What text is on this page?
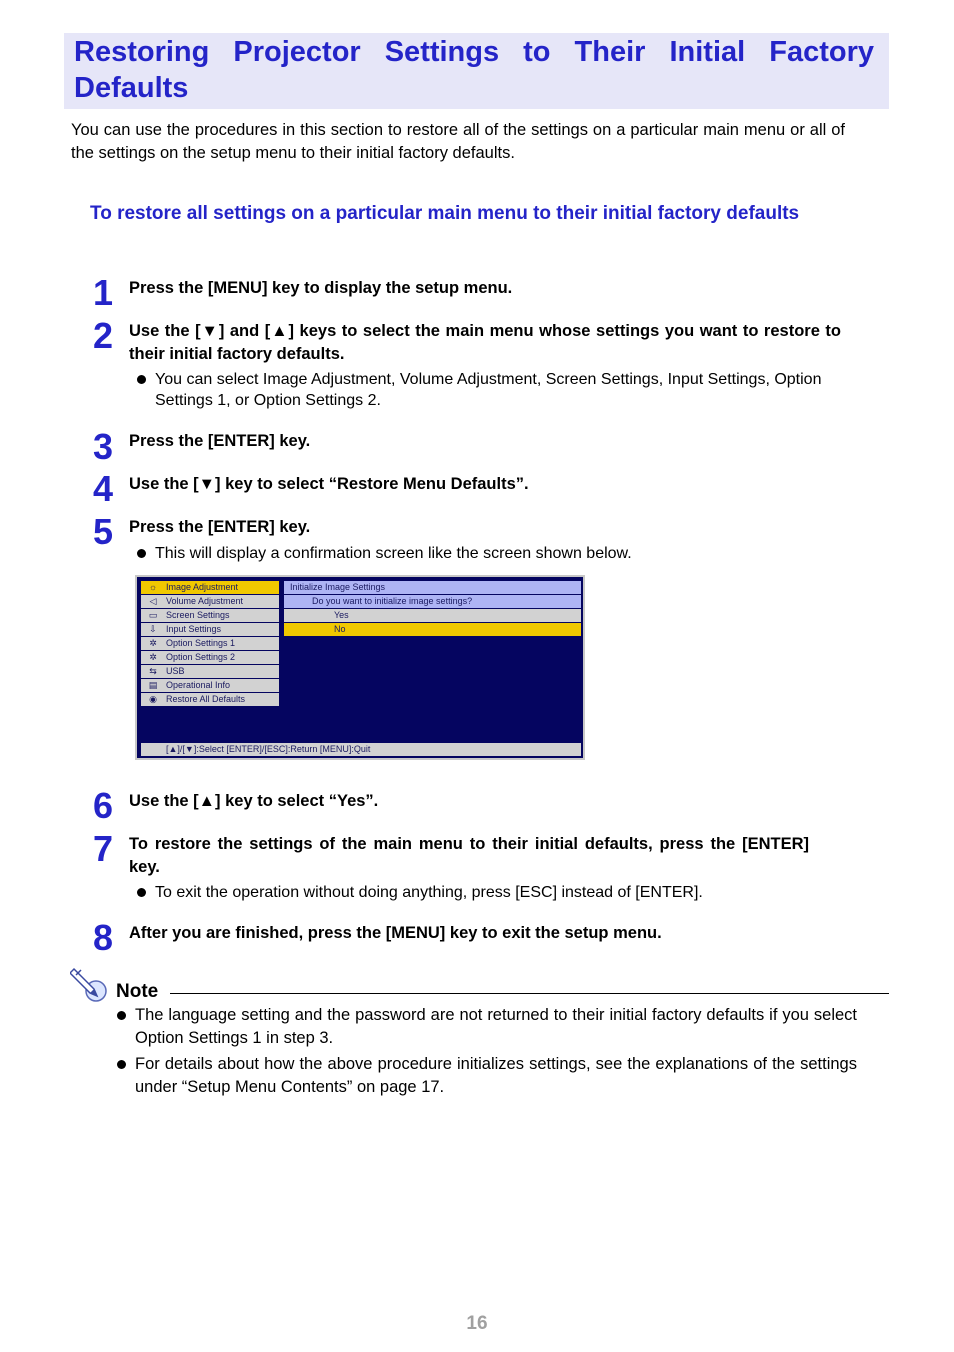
Restoring Projector Settings to Their Initial Factory Defaults
You can use the procedures in this section to restore all of the settings on a particular main menu or all of the settings on the setup menu to their initial factory defaults.
To restore all settings on a particular main menu to their initial factory defaults
1 Press the [MENU] key to display the setup menu.
2 Use the [▼] and [▲] keys to select the main menu whose settings you want to restore to their initial factory defaults.
You can select Image Adjustment, Volume Adjustment, Screen Settings, Input Settings, Option Settings 1, or Option Settings 2.
3 Press the [ENTER] key.
4 Use the [▼] key to select “Restore Menu Defaults”.
5 Press the [ENTER] key.
This will display a confirmation screen like the screen shown below.
☼ Image Adjustment
◁	Volume Adjustment
▭ Screen Settings
⇩	Input Settings
✲	Option Settings 1
✲	Option Settings 2
⇆	USB
▤ Operational Info
◉	Restore All Defaults
Initialize Image Settings
Do you want to initialize image settings?
Yes
No
[▲]/[▼]:Select [ENTER]/[ESC]:Return [MENU]:Quit
6 Use the [▲] key to select “Yes”.
7 To restore the settings of the main menu to their initial defaults, press the [ENTER] key.
To exit the operation without doing anything, press [ESC] instead of [ENTER].
8 After you are finished, press the [MENU] key to exit the setup menu.
Note
The language setting and the password are not returned to their initial factory defaults if you select Option Settings 1 in step 3.
For details about how the above procedure initializes settings, see the explanations of the settings under “Setup Menu Contents” on page 17.
16
